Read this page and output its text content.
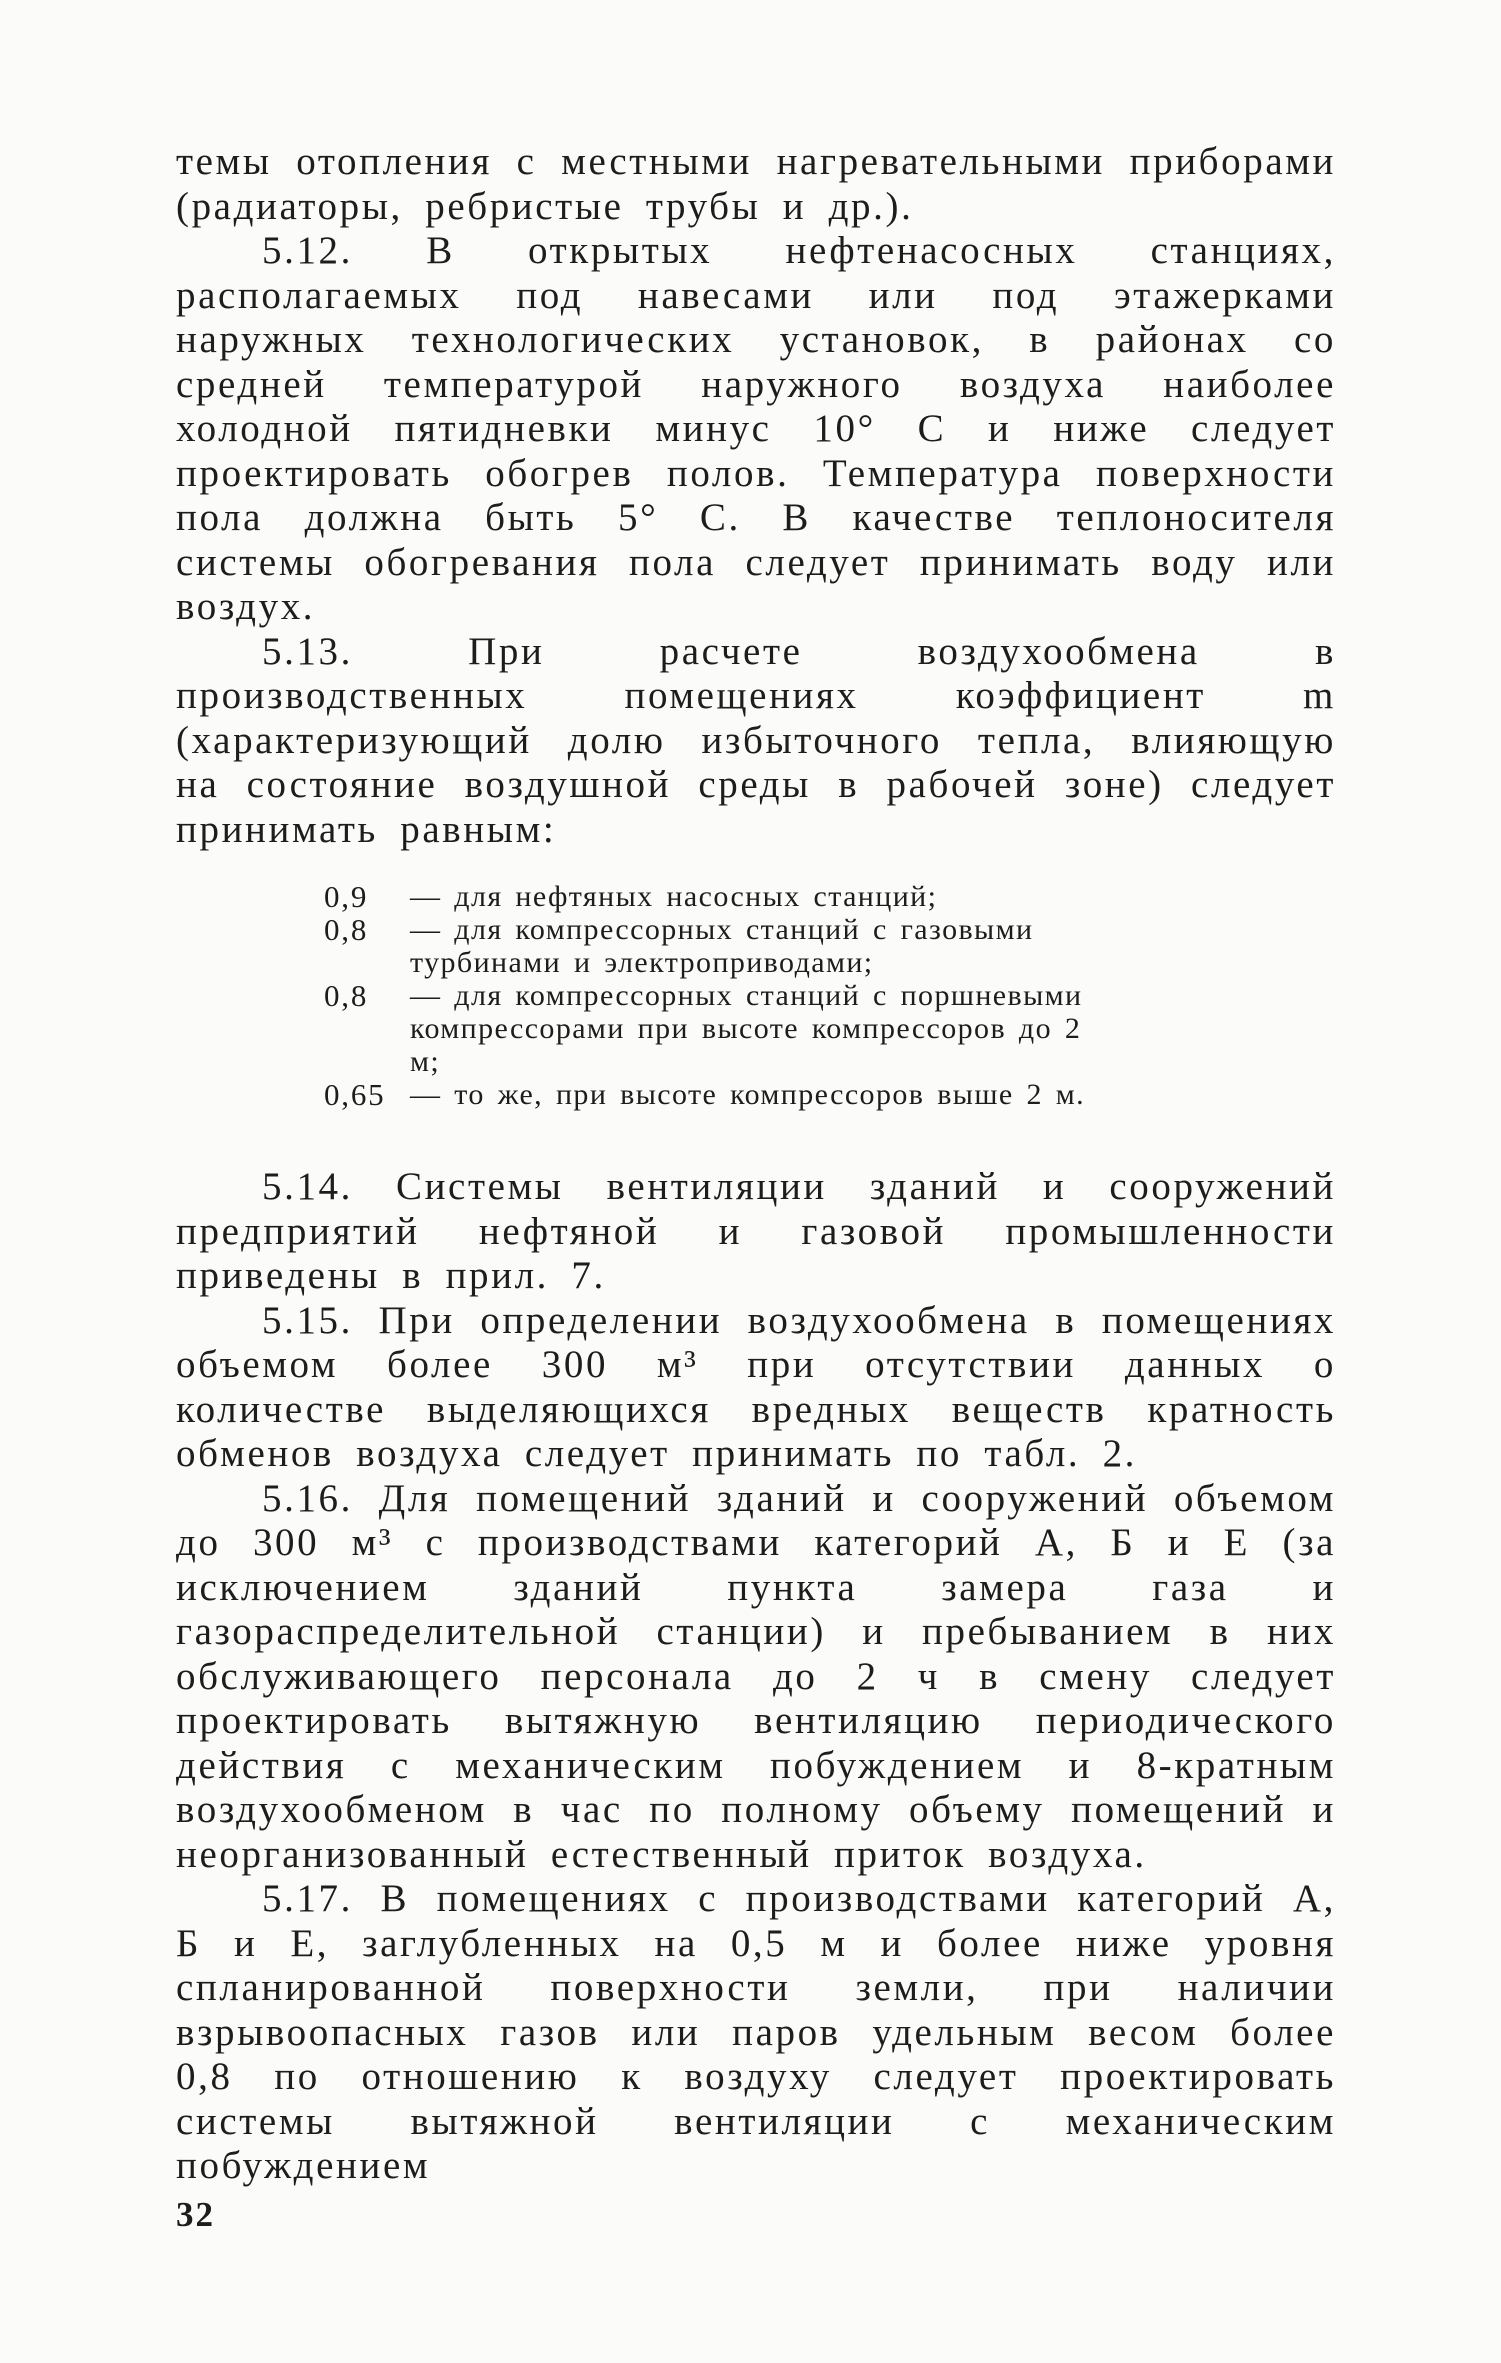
темы отопления с местными нагревательными приборами (радиаторы, ребристые трубы и др.).

5.12. В открытых нефтенасосных станциях, располагаемых под навесами или под этажерками наружных технологических установок, в районах со средней температурой наружного воздуха наиболее холодной пятидневки минус 10° С и ниже следует проектировать обогрев полов. Температура поверхности пола должна быть 5° С. В качестве теплоносителя системы обогревания пола следует принимать воду или воздух.

5.13. При расчете воздухообмена в производственных помещениях коэффициент m (характеризующий долю избыточного тепла, влияющую на состояние воздушной среды в рабочей зоне) следует принимать равным:

0,9	— для нефтяных насосных станций;
0,8	— для компрессорных станций с газовыми турбинами и электроприводами;
0,8	— для компрессорных станций с поршневыми компрессорами при высоте компрессоров до 2 м;
0,65 — то же, при высоте компрессоров выше 2 м.

5.14. Системы вентиляции зданий и сооружений предприятий нефтяной и газовой промышленности приведены в прил. 7.

5.15. При определении воздухообмена в помещениях объемом более 300 м³ при отсутствии данных о количестве выделяющихся вредных веществ кратность обменов воздуха следует принимать по табл. 2.

5.16. Для помещений зданий и сооружений объемом до 300 м³ с производствами категорий А, Б и Е (за исключением зданий пункта замера газа и газораспределительной станции) и пребыванием в них обслуживающего персонала до 2 ч в смену следует проектировать вытяжную вентиляцию периодического действия с механическим побуждением и 8-кратным воздухообменом в час по полному объему помещений и неорганизованный естественный приток воздуха.

5.17. В помещениях с производствами категорий А, Б и Е, заглубленных на 0,5 м и более ниже уровня спланированной поверхности земли, при наличии взрывоопасных газов или паров удельным весом более 0,8 по отношению к воздуху следует проектировать системы вытяжной вентиляции с механическим побуждением

32
